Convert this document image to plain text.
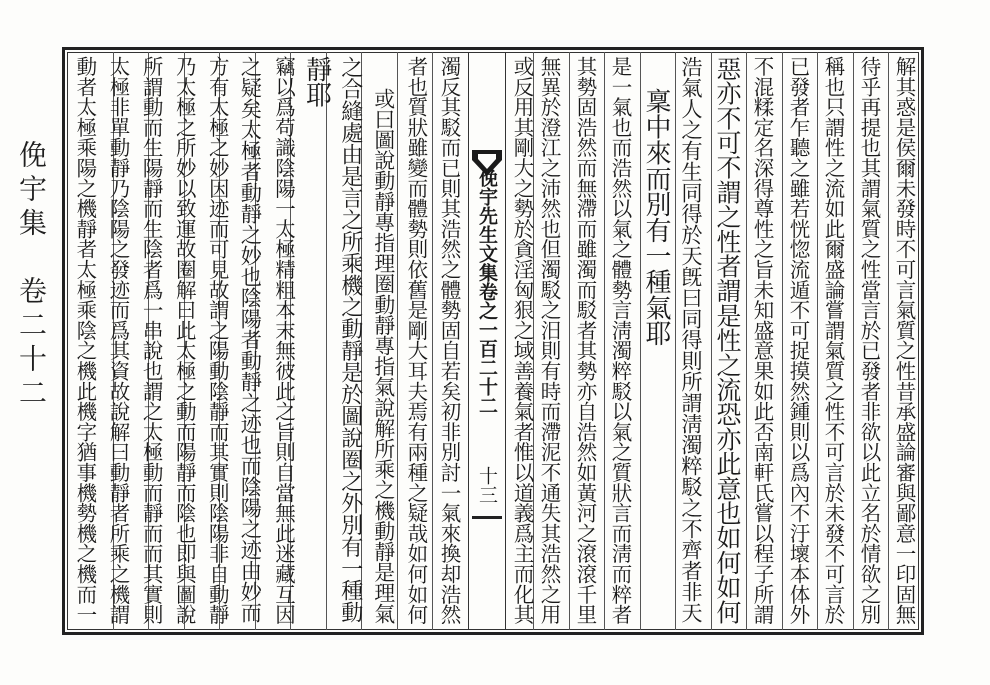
俛宇先生文集卷之一百二十二
十三	解其惑是侯爾未發時不可言氣質之性昔承盛論審與鄙意一印固無
待乎再提也其謂氣質之性當言於已發者非欲以此立名於情欲之別
稱也只謂性之流如此爾盛論嘗謂氣質之性不可言於未發不可言於
已發者乍聽之雖若恍惚流遁不可捉摸然鍾則以爲內不汙壞本体外
不混糅定名深得尊性之旨未知盛意果如此否南軒氏嘗以程子所謂
惡亦不可不謂之性者謂是性之流恐亦此意也如何如何
浩氣人之有生同得於天旣曰同得則所謂淸濁粹駁之不齊者非天
稟中來而別有一種氣耶
是一氣也而浩然以氣之體勢言淸濁粹駁以氣之質狀言而淸而粹者
其勢固浩然而無滯而雖濁而駁者其勢亦自浩然如黃河之滾滾千里
無異於澄江之沛然也但濁駁之汨則有時而滯泥不通失其浩然之用
或反用其剛大之勢於貪淫匈狠之域善養氣者惟以道義爲主而化其
濁反其駁而已則其浩然之體勢固自若矣初非別討一氣來換却浩然
者也質狀雖變而體勢則依舊是剛大耳夫焉有兩種之疑哉如何如何
或曰圖說動靜專指理圈動靜專指氣說解所乘之機動靜是理氣
之合縫處由是言之所乘機之動靜是於圖說圈之外別有一種動
靜耶
竊以爲苟識陰陽一太極精粗本末無彼此之旨則自當無此迷藏互因
之疑矣太極者動靜之妙也陰陽者動靜之迹也而陰陽之迹由妙而
方有太極之妙因迹而可見故謂之陽動陰靜而其實則陰陽非自動靜
乃太極之所妙以致運故圈解曰此太極之動而陽靜而陰也即與圖說
所謂動而生陽靜而生陰者爲一串說也謂之太極動而靜而而其實則
太極非單動靜乃陰陽之發迹而爲其資故說解曰動靜者所乘之機謂
動者太極乘陽之機靜者太極乘陰之機此機字猶事機勢機之機而一
俛宇集　卷二十二
